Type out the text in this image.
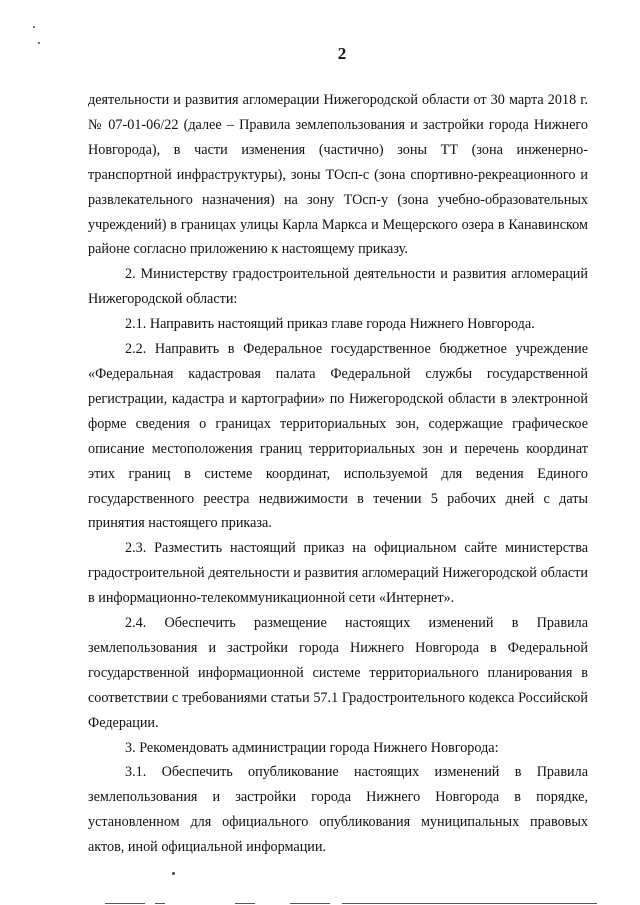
2

деятельности и развития агломерации Нижегородской области от 30 марта 2018 г. № 07-01-06/22 (далее – Правила землепользования и застройки города Нижнего Новгорода), в части изменения (частично) зоны ТТ (зона инженерно-транспортной инфраструктуры), зоны ТОсп-с (зона спортивно-рекреационного и развлекательного назначения) на зону ТОсп-у (зона учебно-образовательных учреждений) в границах улицы Карла Маркса и Мещерского озера в Канавинском районе согласно приложению к настоящему приказу.

2. Министерству градостроительной деятельности и развития агломераций Нижегородской области:

2.1. Направить настоящий приказ главе города Нижнего Новгорода.

2.2. Направить в Федеральное государственное бюджетное учреждение «Федеральная кадастровая палата Федеральной службы государственной регистрации, кадастра и картографии» по Нижегородской области в электронной форме сведения о границах территориальных зон, содержащие графическое описание местоположения границ территориальных зон и перечень координат этих границ в системе координат, используемой для ведения Единого государственного реестра недвижимости в течении 5 рабочих дней с даты принятия настоящего приказа.

2.3. Разместить настоящий приказ на официальном сайте министерства градостроительной деятельности и развития агломераций Нижегородской области в информационно-телекоммуникационной сети «Интернет».

2.4. Обеспечить размещение настоящих изменений в Правила землепользования и застройки города Нижнего Новгорода в Федеральной государственной информационной системе территориального планирования в соответствии с требованиями статьи 57.1 Градостроительного кодекса Российской Федерации.

3. Рекомендовать администрации города Нижнего Новгорода:

3.1. Обеспечить опубликование настоящих изменений в Правила землепользования и застройки города Нижнего Новгорода в порядке, установленном для официального опубликования муниципальных правовых актов, иной официальной информации.
